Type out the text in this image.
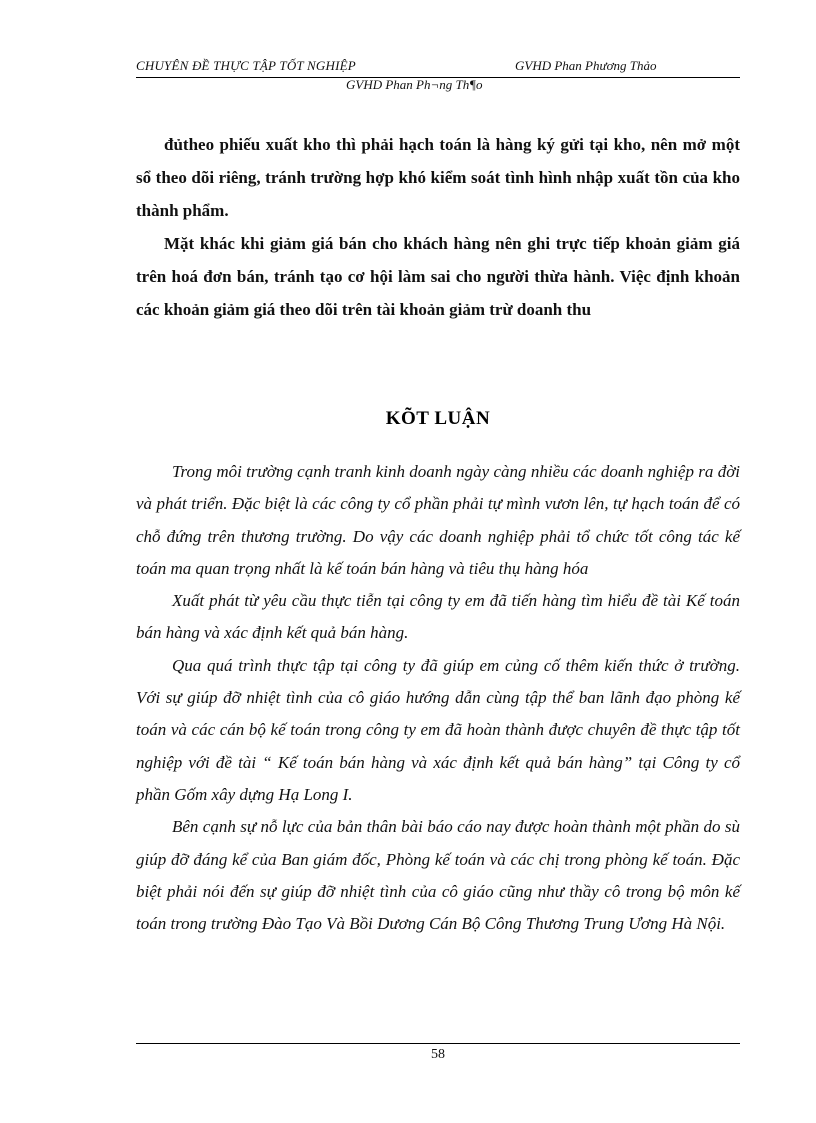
CHUYÊN ĐỀ THỰC TẬP TỐT NGHIỆP	GVHD Phan Phương Thảo
GVHD Phan Ph¬ng Th¶o

đủtheo phiếu xuất kho thì phải hạch toán là hàng ký gửi tại kho, nên mở một sổ theo dõi riêng, tránh trường hợp khó kiểm soát tình hình nhập xuất tồn của kho thành phẩm.

Mặt khác khi giảm giá bán cho khách hàng nên ghi trực tiếp khoản giảm giá trên hoá đơn bán, tránh tạo cơ hội làm sai cho người thừa hành. Việc định khoản các khoản giảm giá theo dõi trên tài khoản giảm trừ doanh thu

KÕT LUẬN

Trong môi trường cạnh tranh kinh doanh ngày càng nhiều các doanh nghiệp ra đời và phát triển. Đặc biệt là các công ty cổ phần phải tự mình vươn lên, tự hạch toán để có chỗ đứng trên thương trường. Do vậy các doanh nghiệp phải tổ chức tốt công tác kế toán ma quan trọng nhất là kế toán bán hàng và tiêu thụ hàng hóa

Xuất phát từ yêu cầu thực tiễn tại công ty em đã tiến hàng tìm hiểu đề tài Kế toán bán hàng và xác định kết quả bán hàng.

Qua quá trình thực tập tại công ty đã giúp em củng cố thêm kiến thức ở trường. Với sự giúp đỡ nhiệt tình của cô giáo hướng dẫn cùng tập thể ban lãnh đạo phòng kế toán và các cán bộ kế toán trong công ty em đã hoàn thành được chuyên đề thực tập tốt nghiệp với đề tài “ Kế toán bán hàng và xác định kết quả bán hàng” tại Công ty cổ phần Gốm xây dựng Hạ Long I.

Bên cạnh sự nỗ lực của bản thân bài báo cáo nay được hoàn thành một phần do sù giúp đỡ đáng kể của Ban giám đốc, Phòng kế toán và các chị trong phòng kế toán. Đặc biệt phải nói đến sự giúp đỡ nhiệt tình của cô giáo cũng như thầy cô trong bộ môn kế toán trong trường Đào Tạo Và Bồi Dương Cán Bộ Công Thương Trung Ương Hà Nội.

58
